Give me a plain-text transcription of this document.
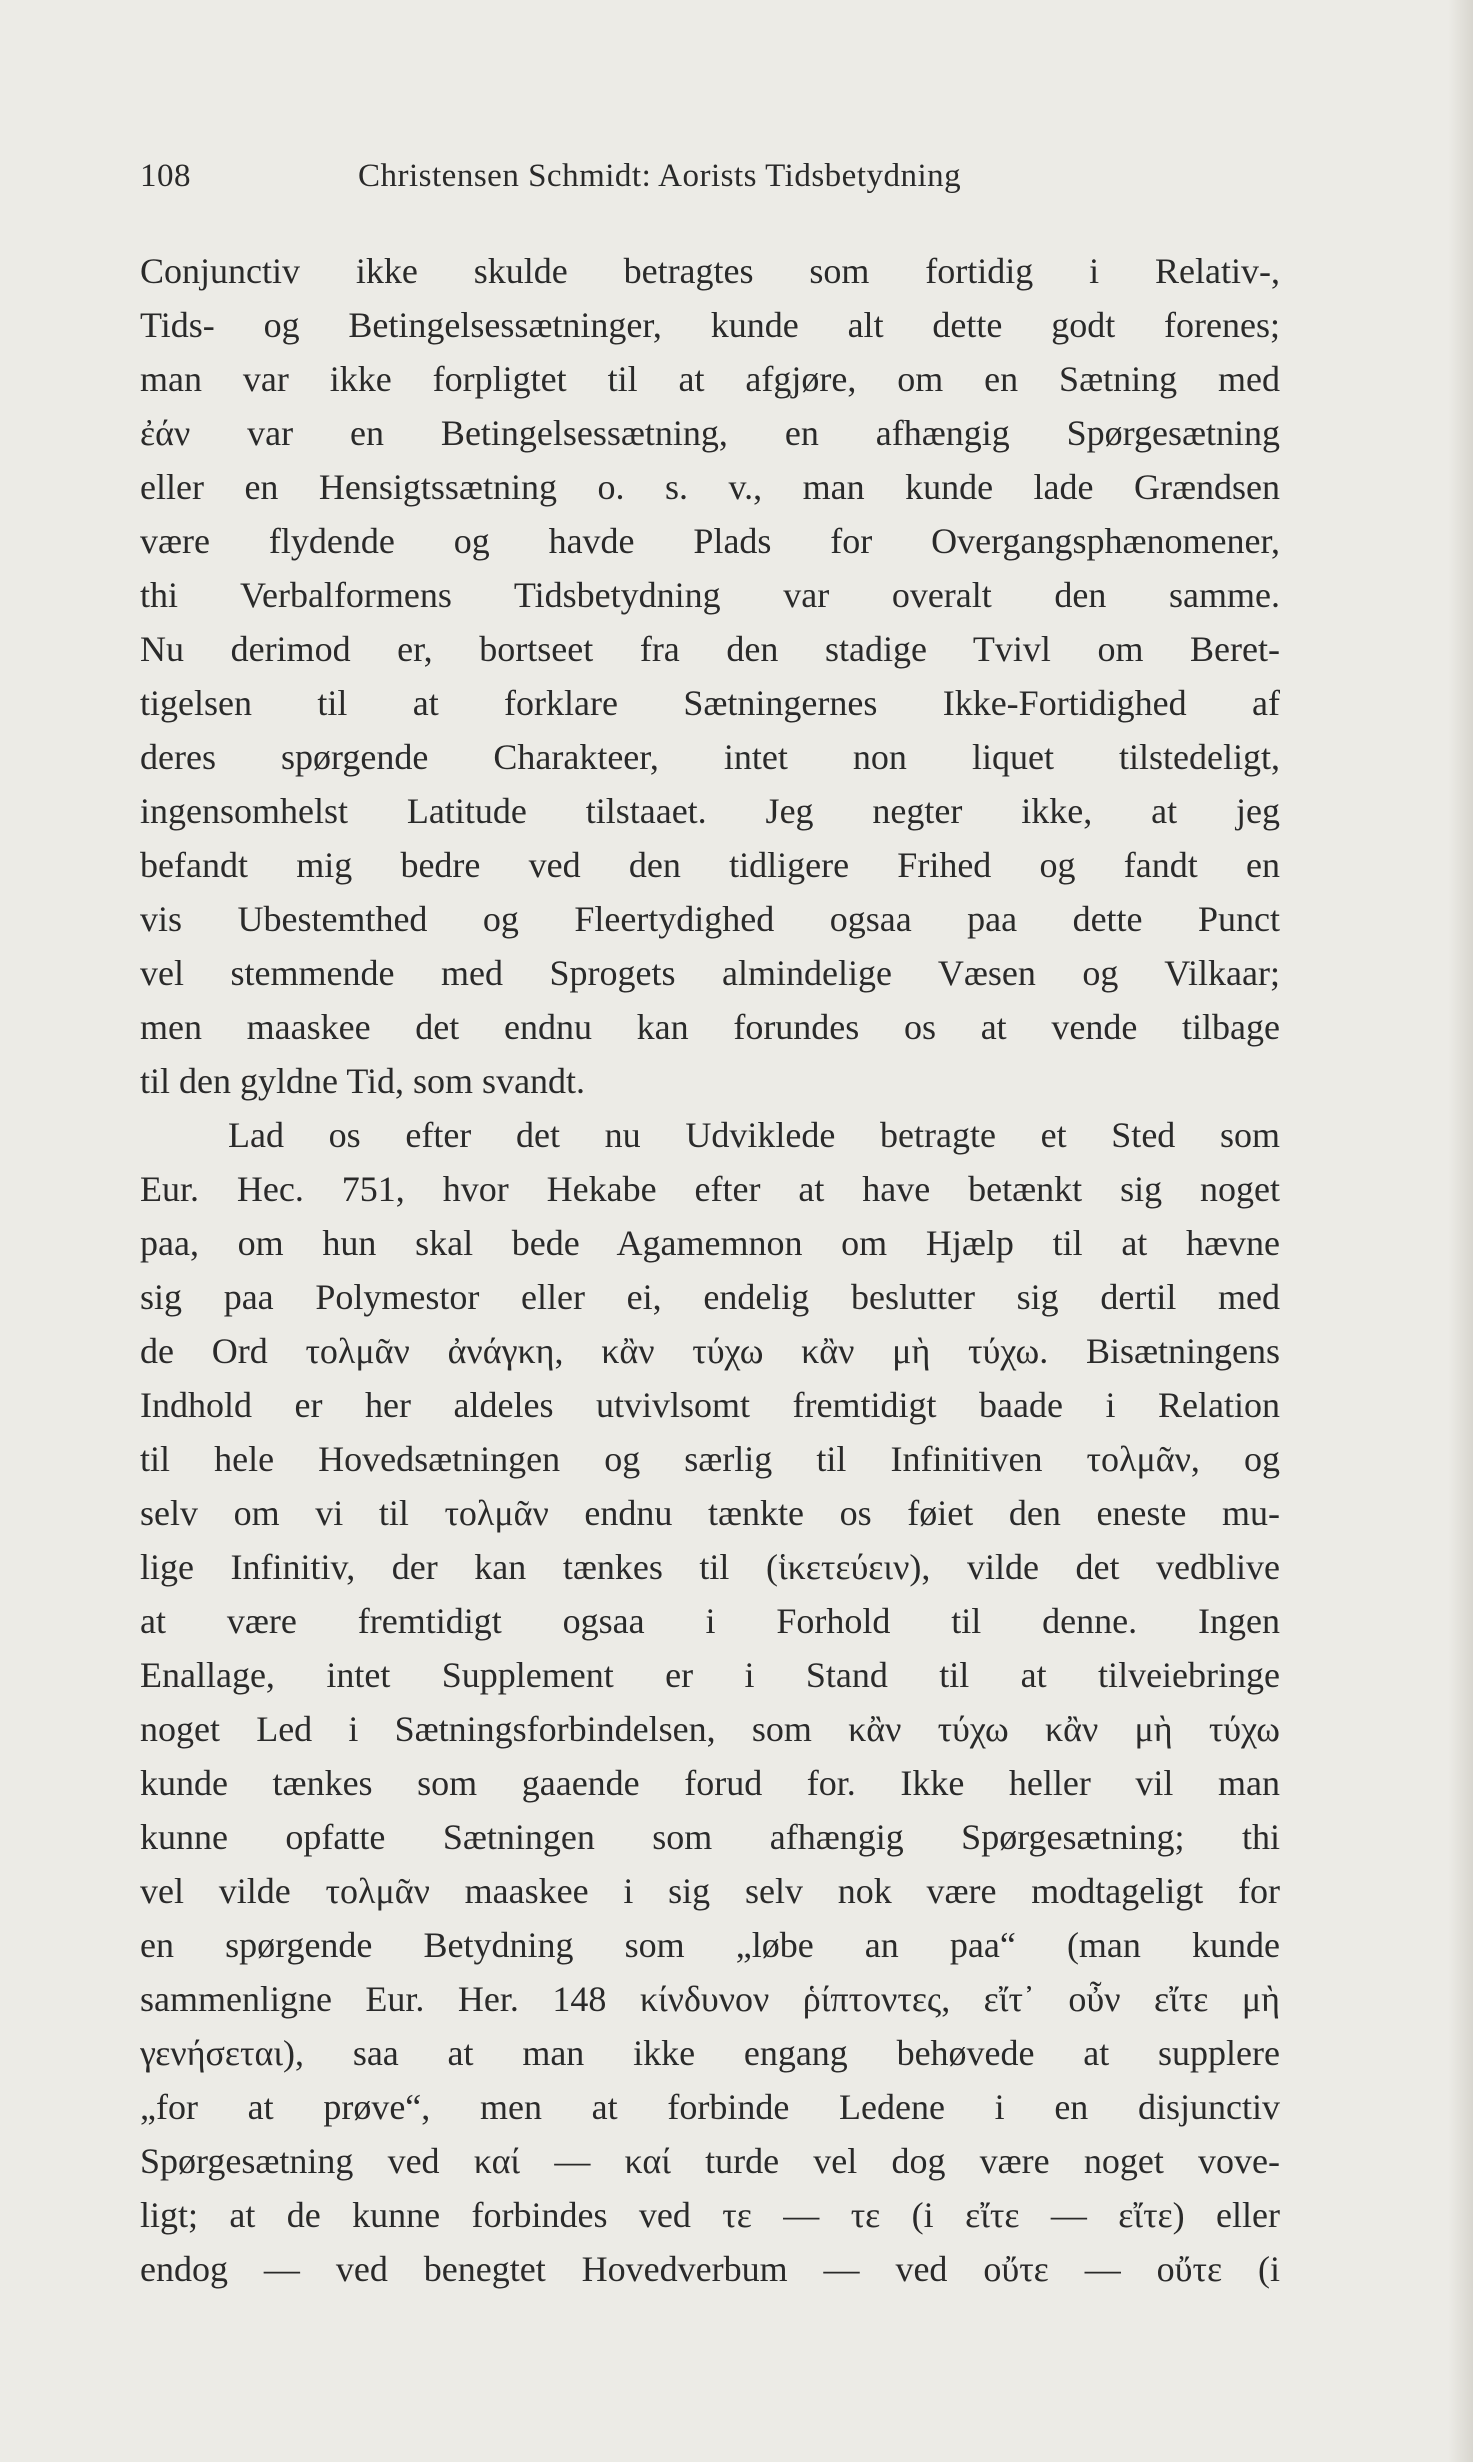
108	Christensen Schmidt: Aorists Tidsbetydning
Conjunctiv ikke skulde betragtes som fortidig i Relativ-,
Tids- og Betingelsessætninger, kunde alt dette godt forenes;
man var ikke forpligtet til at afgjøre, om en Sætning med
ἐάν var en Betingelsessætning, en afhængig Spørgesætning
eller en Hensigtssætning o. s. v., man kunde lade Grændsen
være flydende og havde Plads for Overgangsphænomener,
thi Verbalformens Tidsbetydning var overalt den samme.
Nu derimod er, bortseet fra den stadige Tvivl om Beret-
tigelsen til at forklare Sætningernes Ikke-Fortidighed af
deres spørgende Charakteer, intet non liquet tilstedeligt,
ingensomhelst Latitude tilstaaet. Jeg negter ikke, at jeg
befandt mig bedre ved den tidligere Frihed og fandt en
vis Ubestemthed og Fleertydighed ogsaa paa dette Punct
vel stemmende med Sprogets almindelige Væsen og Vilkaar;
men maaskee det endnu kan forundes os at vende tilbage
til den gyldne Tid, som svandt.
Lad os efter det nu Udviklede betragte et Sted som
Eur. Hec. 751, hvor Hekabe efter at have betænkt sig noget
paa, om hun skal bede Agamemnon om Hjælp til at hævne
sig paa Polymestor eller ei, endelig beslutter sig dertil med
de Ord τολμᾶν ἀνάγκη, κἂν τύχω κἂν μὴ τύχω. Bisætningens
Indhold er her aldeles utvivlsomt fremtidigt baade i Relation
til hele Hovedsætningen og særlig til Infinitiven τολμᾶν, og
selv om vi til τολμᾶν endnu tænkte os føiet den eneste mu-
lige Infinitiv, der kan tænkes til (ἱκετεύειν), vilde det vedblive
at være fremtidigt ogsaa i Forhold til denne. Ingen
Enallage, intet Supplement er i Stand til at tilveiebringe
noget Led i Sætningsforbindelsen, som κἂν τύχω κἂν μὴ τύχω
kunde tænkes som gaaende forud for. Ikke heller vil man
kunne opfatte Sætningen som afhængig Spørgesætning; thi
vel vilde τολμᾶν maaskee i sig selv nok være modtageligt for
en spørgende Betydning som „løbe an paa“ (man kunde
sammenligne Eur. Her. 148 κίνδυνον ῥίπτοντες, εἴτ᾽ οὖν εἴτε μὴ
γενήσεται), saa at man ikke engang behøvede at supplere
„for at prøve“, men at forbinde Ledene i en disjunctiv
Spørgesætning ved καί — καί turde vel dog være noget vove-
ligt; at de kunne forbindes ved τε — τε (i εἴτε — εἴτε) eller
endog — ved benegtet Hovedverbum — ved οὔτε — οὔτε (i
